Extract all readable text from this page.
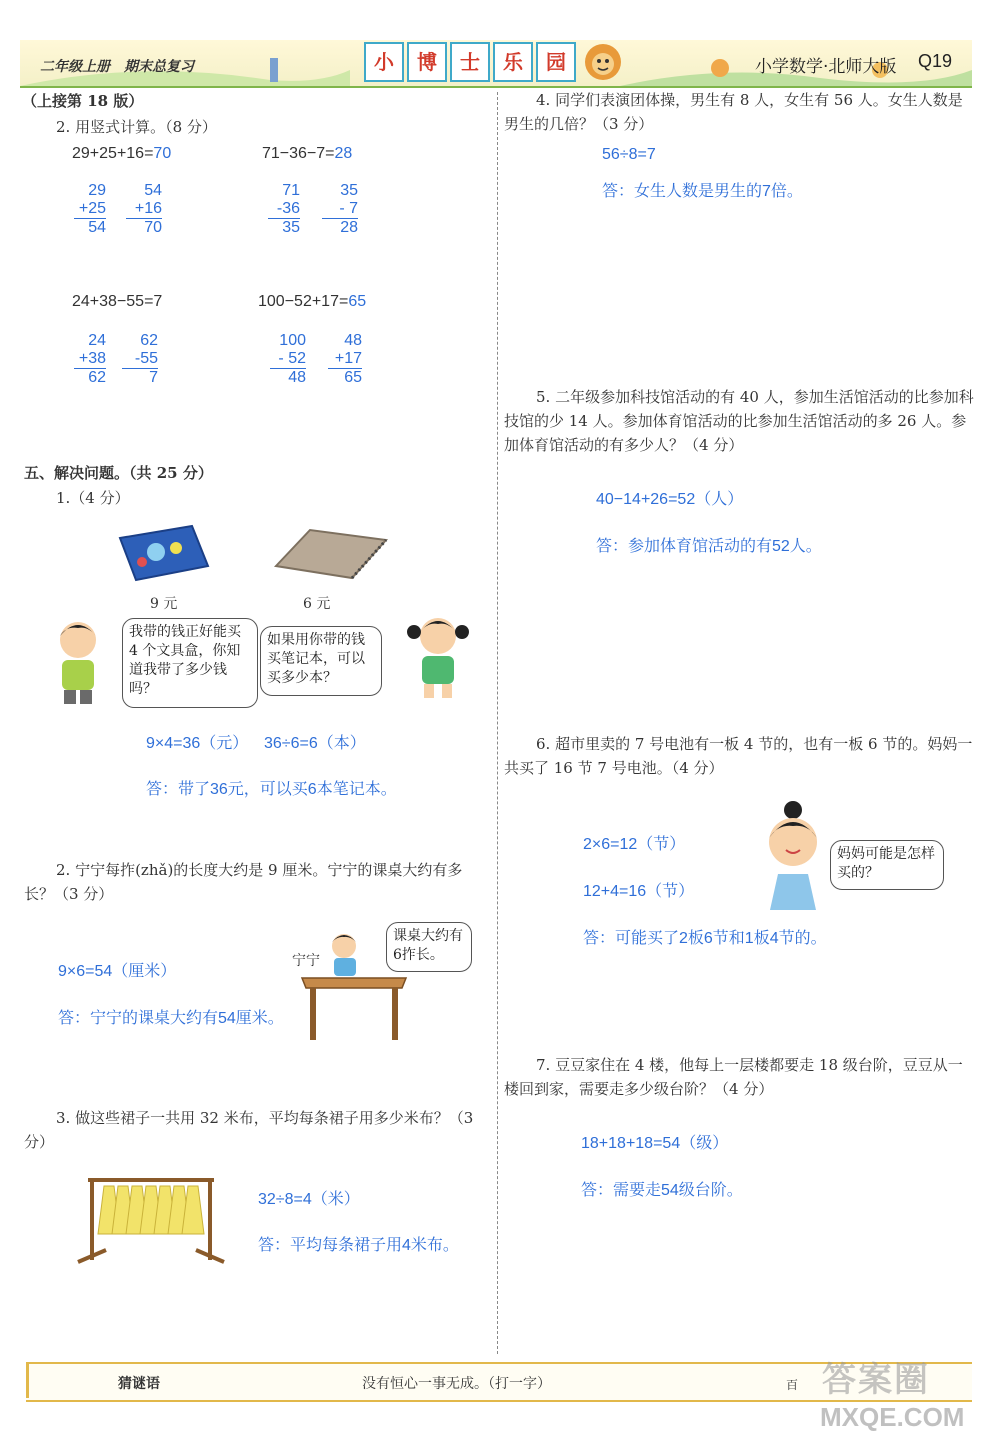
二年级上册　期末总复习	小	博	士	乐	园	小学数学·北师大版 Q19
（上接第 18 版）
2. 用竖式计算。（8 分）
29+25+16=70
29
+25
54
54
+16
70
71−36−7=28
71
-36
35
35
- 7
28
24+38−55=7
24
+38
62
62
-55
7
100−52+17=65
100
- 52
48
48
+17
65
五、解决问题。（共 25 分）
1.（4 分）
9 元	6 元
我带的钱正好能买 4 个文具盒，你知道我带了多少钱吗？
如果用你带的钱买笔记本，可以买多少本？
9×4=36（元） 36÷6=6（本）
答：带了36元，可以买6本笔记本。
2. 宁宁每拃(zhǎ)的长度大约是 9 厘米。宁宁的课桌大约有多长？（3 分）
宁宁
课桌大约有6拃长。
9×6=54（厘米）
答：宁宁的课桌大约有54厘米。
3. 做这些裙子一共用 32 米布，平均每条裙子用多少米布？（3 分）
32÷8=4（米）
答：平均每条裙子用4米布。
4. 同学们表演团体操，男生有 8 人，女生有 56 人。女生人数是男生的几倍？（3 分）
56÷8=7
答：女生人数是男生的7倍。
5. 二年级参加科技馆活动的有 40 人，参加生活馆活动的比参加科技馆的少 14 人。参加体育馆活动的比参加生活馆活动的多 26 人。参加体育馆活动的有多少人？（4 分）
40−14+26=52（人）
答：参加体育馆活动的有52人。
6. 超市里卖的 7 号电池有一板 4 节的，也有一板 6 节的。妈妈一共买了 16 节 7 号电池。（4 分）
妈妈可能是怎样买的？
2×6=12（节）
12+4=16（节）
答：可能买了2板6节和1板4节的。
7. 豆豆家住在 4 楼，他每上一层楼都要走 18 级台阶，豆豆从一楼回到家，需要走多少级台阶？（4 分）
18+18+18=54（级）
答：需要走54级台阶。
猜谜语	没有恒心一事无成。（打一字）	百 答案圈
MXQE.COM
